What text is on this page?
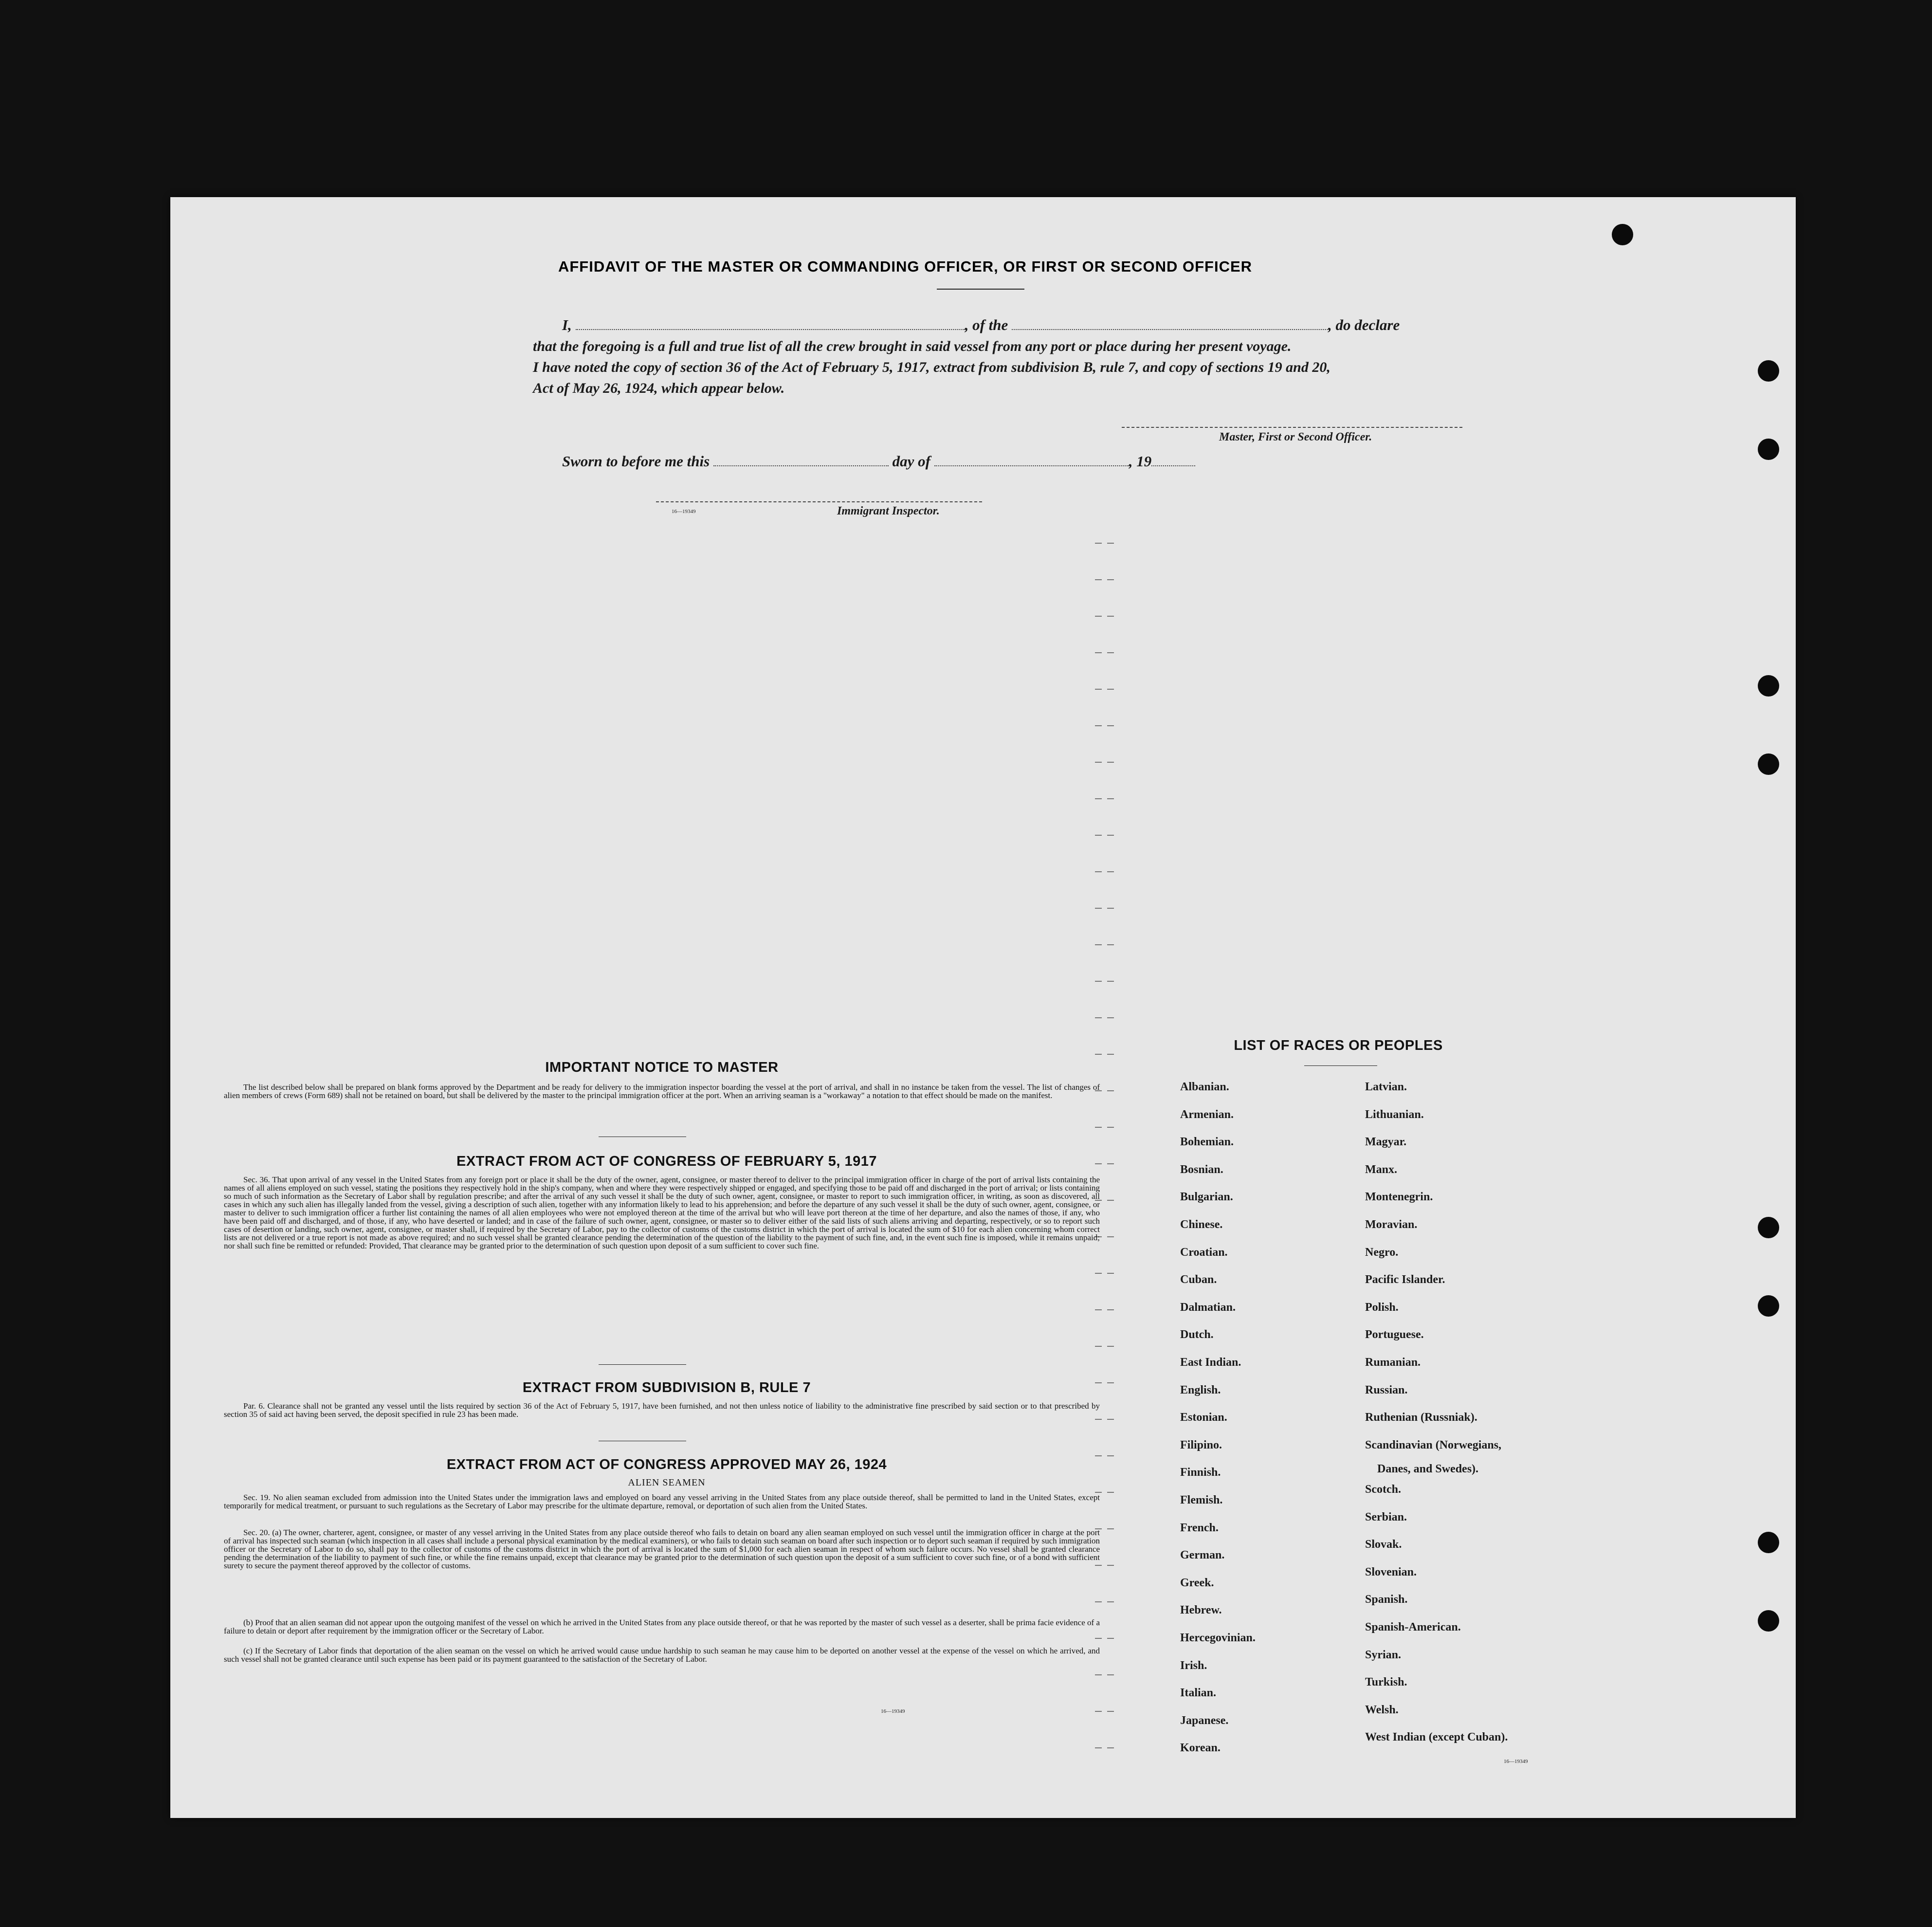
AFFIDAVIT OF THE MASTER OR COMMANDING OFFICER, OR FIRST OR SECOND OFFICER
I,	, of the	, do declare
that the foregoing is a full and true list of all the crew brought in said vessel from any port or place during her present voyage.
I have noted the copy of section 36 of the Act of February 5, 1917, extract from subdivision B, rule 7, and copy of sections 19 and 20,
Act of May 26, 1924, which appear below.
Master, First or Second Officer.
Sworn to before me this	day of	, 19
16—19349	Immigrant Inspector.
IMPORTANT NOTICE TO MASTER
The list described below shall be prepared on blank forms approved by the Department and be ready for delivery to the immigration inspector boarding the vessel at the port of arrival, and shall in no instance be taken from the vessel. The list of changes of alien members of crews (Form 689) shall not be retained on board, but shall be delivered by the master to the principal immigration officer at the port. When an arriving seaman is a "workaway" a notation to that effect should be made on the manifest.
EXTRACT FROM ACT OF CONGRESS OF FEBRUARY 5, 1917
Sec. 36. That upon arrival of any vessel in the United States from any foreign port or place it shall be the duty of the owner, agent, consignee, or master thereof to deliver to the principal immigration officer in charge of the port of arrival lists containing the names of all aliens employed on such vessel, stating the positions they respectively hold in the ship's company, when and where they were respectively shipped or engaged, and specifying those to be paid off and discharged in the port of arrival; or lists containing so much of such information as the Secretary of Labor shall by regulation prescribe; and after the arrival of any such vessel it shall be the duty of such owner, agent, consignee, or master to report to such immigration officer, in writing, as soon as discovered, all cases in which any such alien has illegally landed from the vessel, giving a description of such alien, together with any information likely to lead to his apprehension; and before the departure of any such vessel it shall be the duty of such owner, agent, consignee, or master to deliver to such immigration officer a further list containing the names of all alien employees who were not employed thereon at the time of the arrival but who will leave port thereon at the time of her departure, and also the names of those, if any, who have been paid off and discharged, and of those, if any, who have deserted or landed; and in case of the failure of such owner, agent, consignee, or master so to deliver either of the said lists of such aliens arriving and departing, respectively, or so to report such cases of desertion or landing, such owner, agent, consignee, or master shall, if required by the Secretary of Labor, pay to the collector of customs of the customs district in which the port of arrival is located the sum of $10 for each alien concerning whom correct lists are not delivered or a true report is not made as above required; and no such vessel shall be granted clearance pending the determination of the question of the liability to the payment of such fine, and, in the event such fine is imposed, while it remains unpaid; nor shall such fine be remitted or refunded: Provided, That clearance may be granted prior to the determination of such question upon deposit of a sum sufficient to cover such fine.
EXTRACT FROM SUBDIVISION B, RULE 7
Par. 6. Clearance shall not be granted any vessel until the lists required by section 36 of the Act of February 5, 1917, have been furnished, and not then unless notice of liability to the administrative fine prescribed by said section or to that prescribed by section 35 of said act having been served, the deposit specified in rule 23 has been made.
EXTRACT FROM ACT OF CONGRESS APPROVED MAY 26, 1924
ALIEN SEAMEN
Sec. 19. No alien seaman excluded from admission into the United States under the immigration laws and employed on board any vessel arriving in the United States from any place outside thereof, shall be permitted to land in the United States, except temporarily for medical treatment, or pursuant to such regulations as the Secretary of Labor may prescribe for the ultimate departure, removal, or deportation of such alien from the United States.
Sec. 20. (a) The owner, charterer, agent, consignee, or master of any vessel arriving in the United States from any place outside thereof who fails to detain on board any alien seaman employed on such vessel until the immigration officer in charge at the port of arrival has inspected such seaman (which inspection in all cases shall include a personal physical examination by the medical examiners), or who fails to detain such seaman on board after such inspection or to deport such seaman if required by such immigration officer or the Secretary of Labor to do so, shall pay to the collector of customs of the customs district in which the port of arrival is located the sum of $1,000 for each alien seaman in respect of whom such failure occurs. No vessel shall be granted clearance pending the determination of the liability to payment of such fine, or while the fine remains unpaid, except that clearance may be granted prior to the determination of such question upon the deposit of a sum sufficient to cover such fine, or of a bond with sufficient surety to secure the payment thereof approved by the collector of customs.
(b) Proof that an alien seaman did not appear upon the outgoing manifest of the vessel on which he arrived in the United States from any place outside thereof, or that he was reported by the master of such vessel as a deserter, shall be prima facie evidence of a failure to detain or deport after requirement by the immigration officer or the Secretary of Labor.
(c) If the Secretary of Labor finds that deportation of the alien seaman on the vessel on which he arrived would cause undue hardship to such seaman he may cause him to be deported on another vessel at the expense of the vessel on which he arrived, and such vessel shall not be granted clearance until such expense has been paid or its payment guaranteed to the satisfaction of the Secretary of Labor.
16—19349
LIST OF RACES OR PEOPLES
Danes, and Swedes).
16—19349
Albanian.
Armenian.
Bohemian.
Bosnian.
Bulgarian.
Chinese.
Croatian.
Cuban.
Dalmatian.
Dutch.
East Indian.
English.
Estonian.
Filipino.
Finnish.
Flemish.
French.
German.
Greek.
Hebrew.
Hercegovinian.
Irish.
Italian.
Japanese.
Korean.
Latvian.
Lithuanian.
Magyar.
Manx.
Montenegrin.
Moravian.
Negro.
Pacific Islander.
Polish.
Portuguese.
Rumanian.
Russian.
Ruthenian (Russniak).
Scandinavian (Norwegians,
Scotch.
Serbian.
Slovak.
Slovenian.
Spanish.
Spanish-American.
Syrian.
Turkish.
Welsh.
West Indian (except Cuban).
